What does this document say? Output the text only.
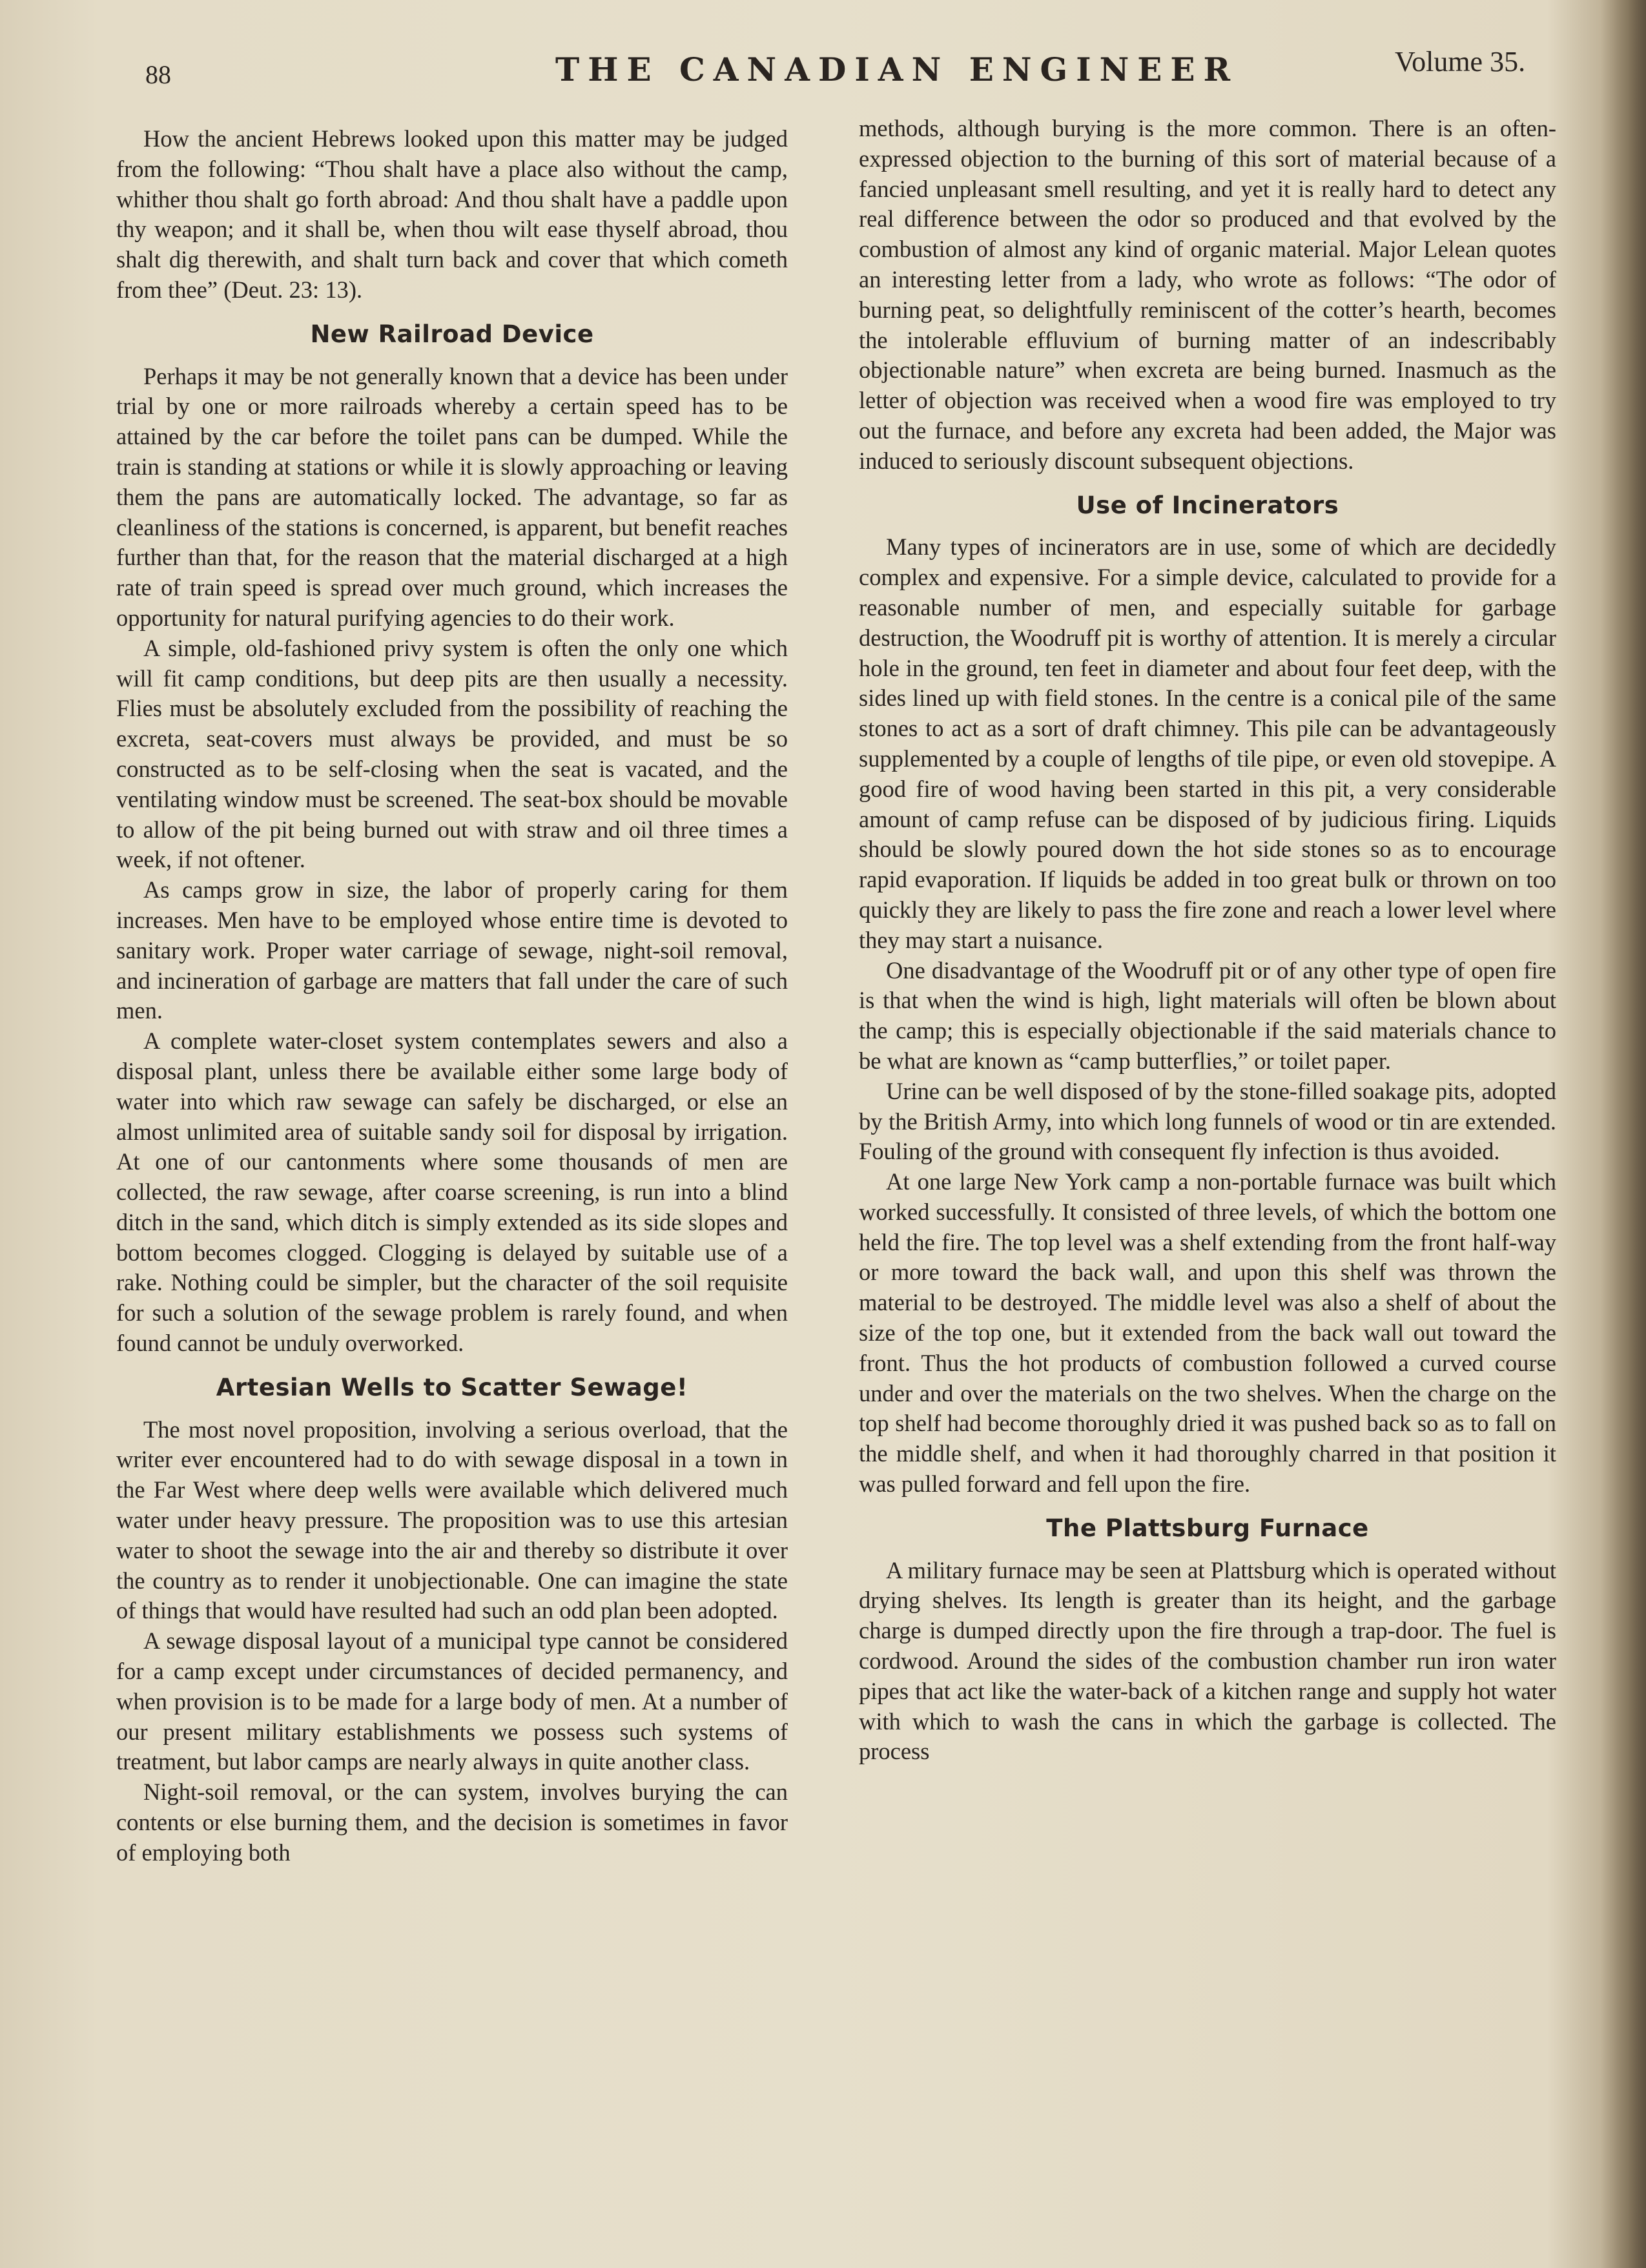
88	THE CANADIAN ENGINEER	Volume 35.

How the ancient Hebrews looked upon this matter may be judged from the following: “Thou shalt have a place also without the camp, whither thou shalt go forth abroad: And thou shalt have a paddle upon thy weapon; and it shall be, when thou wilt ease thyself abroad, thou shalt dig therewith, and shalt turn back and cover that which cometh from thee” (Deut. 23: 13).

New Railroad Device

Perhaps it may be not generally known that a device has been under trial by one or more railroads whereby a certain speed has to be attained by the car before the toilet pans can be dumped. While the train is standing at stations or while it is slowly approaching or leaving them the pans are automatically locked. The advantage, so far as cleanliness of the stations is concerned, is apparent, but benefit reaches further than that, for the reason that the material discharged at a high rate of train speed is spread over much ground, which increases the opportunity for natural purifying agencies to do their work.

A simple, old-fashioned privy system is often the only one which will fit camp conditions, but deep pits are then usually a necessity. Flies must be absolutely excluded from the possibility of reaching the excreta, seat-covers must always be provided, and must be so constructed as to be self-closing when the seat is vacated, and the ventilating window must be screened. The seat-box should be movable to allow of the pit being burned out with straw and oil three times a week, if not oftener.

As camps grow in size, the labor of properly caring for them increases. Men have to be employed whose entire time is devoted to sanitary work. Proper water carriage of sewage, night-soil removal, and incineration of garbage are matters that fall under the care of such men.

A complete water-closet system contemplates sewers and also a disposal plant, unless there be available either some large body of water into which raw sewage can safely be discharged, or else an almost unlimited area of suitable sandy soil for disposal by irrigation. At one of our cantonments where some thousands of men are collected, the raw sewage, after coarse screening, is run into a blind ditch in the sand, which ditch is simply extended as its side slopes and bottom becomes clogged. Clogging is delayed by suitable use of a rake. Nothing could be simpler, but the character of the soil requisite for such a solution of the sewage problem is rarely found, and when found cannot be unduly overworked.

Artesian Wells to Scatter Sewage!

The most novel proposition, involving a serious overload, that the writer ever encountered had to do with sewage disposal in a town in the Far West where deep wells were available which delivered much water under heavy pressure. The proposition was to use this artesian water to shoot the sewage into the air and thereby so distribute it over the country as to render it unobjectionable. One can imagine the state of things that would have resulted had such an odd plan been adopted.

A sewage disposal layout of a municipal type cannot be considered for a camp except under circumstances of decided permanency, and when provision is to be made for a large body of men. At a number of our present military establishments we possess such systems of treatment, but labor camps are nearly always in quite another class.

Night-soil removal, or the can system, involves burying the can contents or else burning them, and the decision is sometimes in favor of employing both

methods, although burying is the more common. There is an often-expressed objection to the burning of this sort of material because of a fancied unpleasant smell resulting, and yet it is really hard to detect any real difference between the odor so produced and that evolved by the combustion of almost any kind of organic material. Major Lelean quotes an interesting letter from a lady, who wrote as follows: “The odor of burning peat, so delightfully reminiscent of the cotter’s hearth, becomes the intolerable effluvium of burning matter of an indescribably objectionable nature” when excreta are being burned. Inasmuch as the letter of objection was received when a wood fire was employed to try out the furnace, and before any excreta had been added, the Major was induced to seriously discount subsequent objections.

Use of Incinerators

Many types of incinerators are in use, some of which are decidedly complex and expensive. For a simple device, calculated to provide for a reasonable number of men, and especially suitable for garbage destruction, the Woodruff pit is worthy of attention. It is merely a circular hole in the ground, ten feet in diameter and about four feet deep, with the sides lined up with field stones. In the centre is a conical pile of the same stones to act as a sort of draft chimney. This pile can be advantageously supplemented by a couple of lengths of tile pipe, or even old stovepipe. A good fire of wood having been started in this pit, a very considerable amount of camp refuse can be disposed of by judicious firing. Liquids should be slowly poured down the hot side stones so as to encourage rapid evaporation. If liquids be added in too great bulk or thrown on too quickly they are likely to pass the fire zone and reach a lower level where they may start a nuisance.

One disadvantage of the Woodruff pit or of any other type of open fire is that when the wind is high, light materials will often be blown about the camp; this is especially objectionable if the said materials chance to be what are known as “camp butterflies,” or toilet paper.

Urine can be well disposed of by the stone-filled soakage pits, adopted by the British Army, into which long funnels of wood or tin are extended. Fouling of the ground with consequent fly infection is thus avoided.

At one large New York camp a non-portable furnace was built which worked successfully. It consisted of three levels, of which the bottom one held the fire. The top level was a shelf extending from the front half-way or more toward the back wall, and upon this shelf was thrown the material to be destroyed. The middle level was also a shelf of about the size of the top one, but it extended from the back wall out toward the front. Thus the hot products of combustion followed a curved course under and over the materials on the two shelves. When the charge on the top shelf had become thoroughly dried it was pushed back so as to fall on the middle shelf, and when it had thoroughly charred in that position it was pulled forward and fell upon the fire.

The Plattsburg Furnace

A military furnace may be seen at Plattsburg which is operated without drying shelves. Its length is greater than its height, and the garbage charge is dumped directly upon the fire through a trap-door. The fuel is cordwood. Around the sides of the combustion chamber run iron water pipes that act like the water-back of a kitchen range and supply hot water with which to wash the cans in which the garbage is collected. The process
